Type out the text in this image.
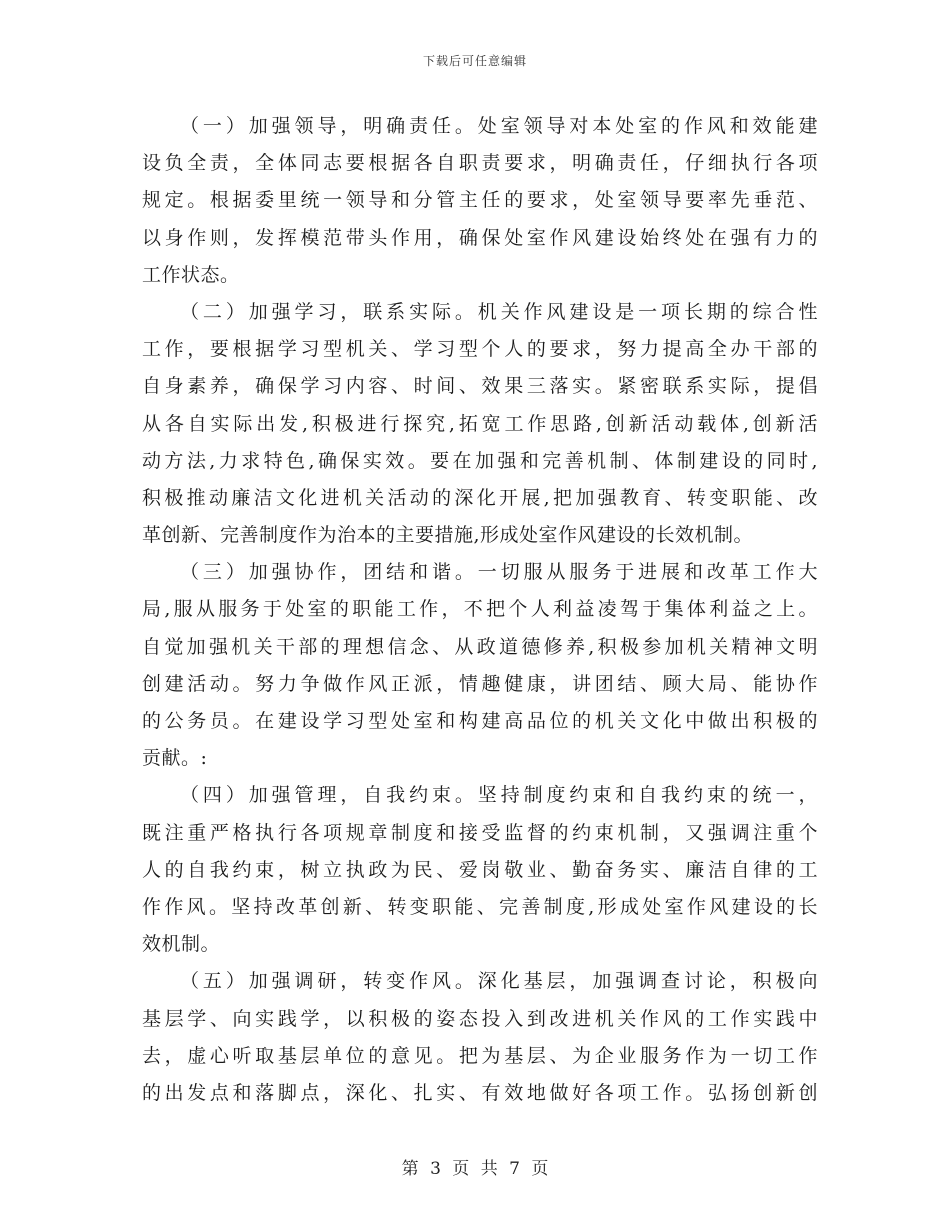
下载后可任意编辑
（一）加强领导，明确责任。处室领导对本处室的作风和效能建
设负全责，全体同志要根据各自职责要求，明确责任，仔细执行各项
规定。根据委里统一领导和分管主任的要求，处室领导要率先垂范、
以身作则，发挥模范带头作用，确保处室作风建设始终处在强有力的
工作状态。
（二）加强学习，联系实际。机关作风建设是一项长期的综合性
工作，要根据学习型机关、学习型个人的要求，努力提高全办干部的
自身素养，确保学习内容、时间、效果三落实。紧密联系实际，提倡
从各自实际出发,积极进行探究,拓宽工作思路,创新活动载体,创新活
动方法,力求特色,确保实效。要在加强和完善机制、体制建设的同时,
积极推动廉洁文化进机关活动的深化开展,把加强教育、转变职能、改
革创新、完善制度作为治本的主要措施,形成处室作风建设的长效机制。
（三）加强协作，团结和谐。一切服从服务于进展和改革工作大
局,服从服务于处室的职能工作，不把个人利益凌驾于集体利益之上。
自觉加强机关干部的理想信念、从政道德修养,积极参加机关精神文明
创建活动。努力争做作风正派，情趣健康，讲团结、顾大局、能协作
的公务员。在建设学习型处室和构建高品位的机关文化中做出积极的
贡献。:
（四）加强管理，自我约束。坚持制度约束和自我约束的统一，
既注重严格执行各项规章制度和接受监督的约束机制，又强调注重个
人的自我约束，树立执政为民、爱岗敬业、勤奋务实、廉洁自律的工
作作风。坚持改革创新、转变职能、完善制度,形成处室作风建设的长
效机制。
（五）加强调研，转变作风。深化基层，加强调查讨论，积极向
基层学、向实践学，以积极的姿态投入到改进机关作风的工作实践中
去，虚心听取基层单位的意见。把为基层、为企业服务作为一切工作
的出发点和落脚点，深化、扎实、有效地做好各项工作。弘扬创新创
第 3 页 共 7 页
